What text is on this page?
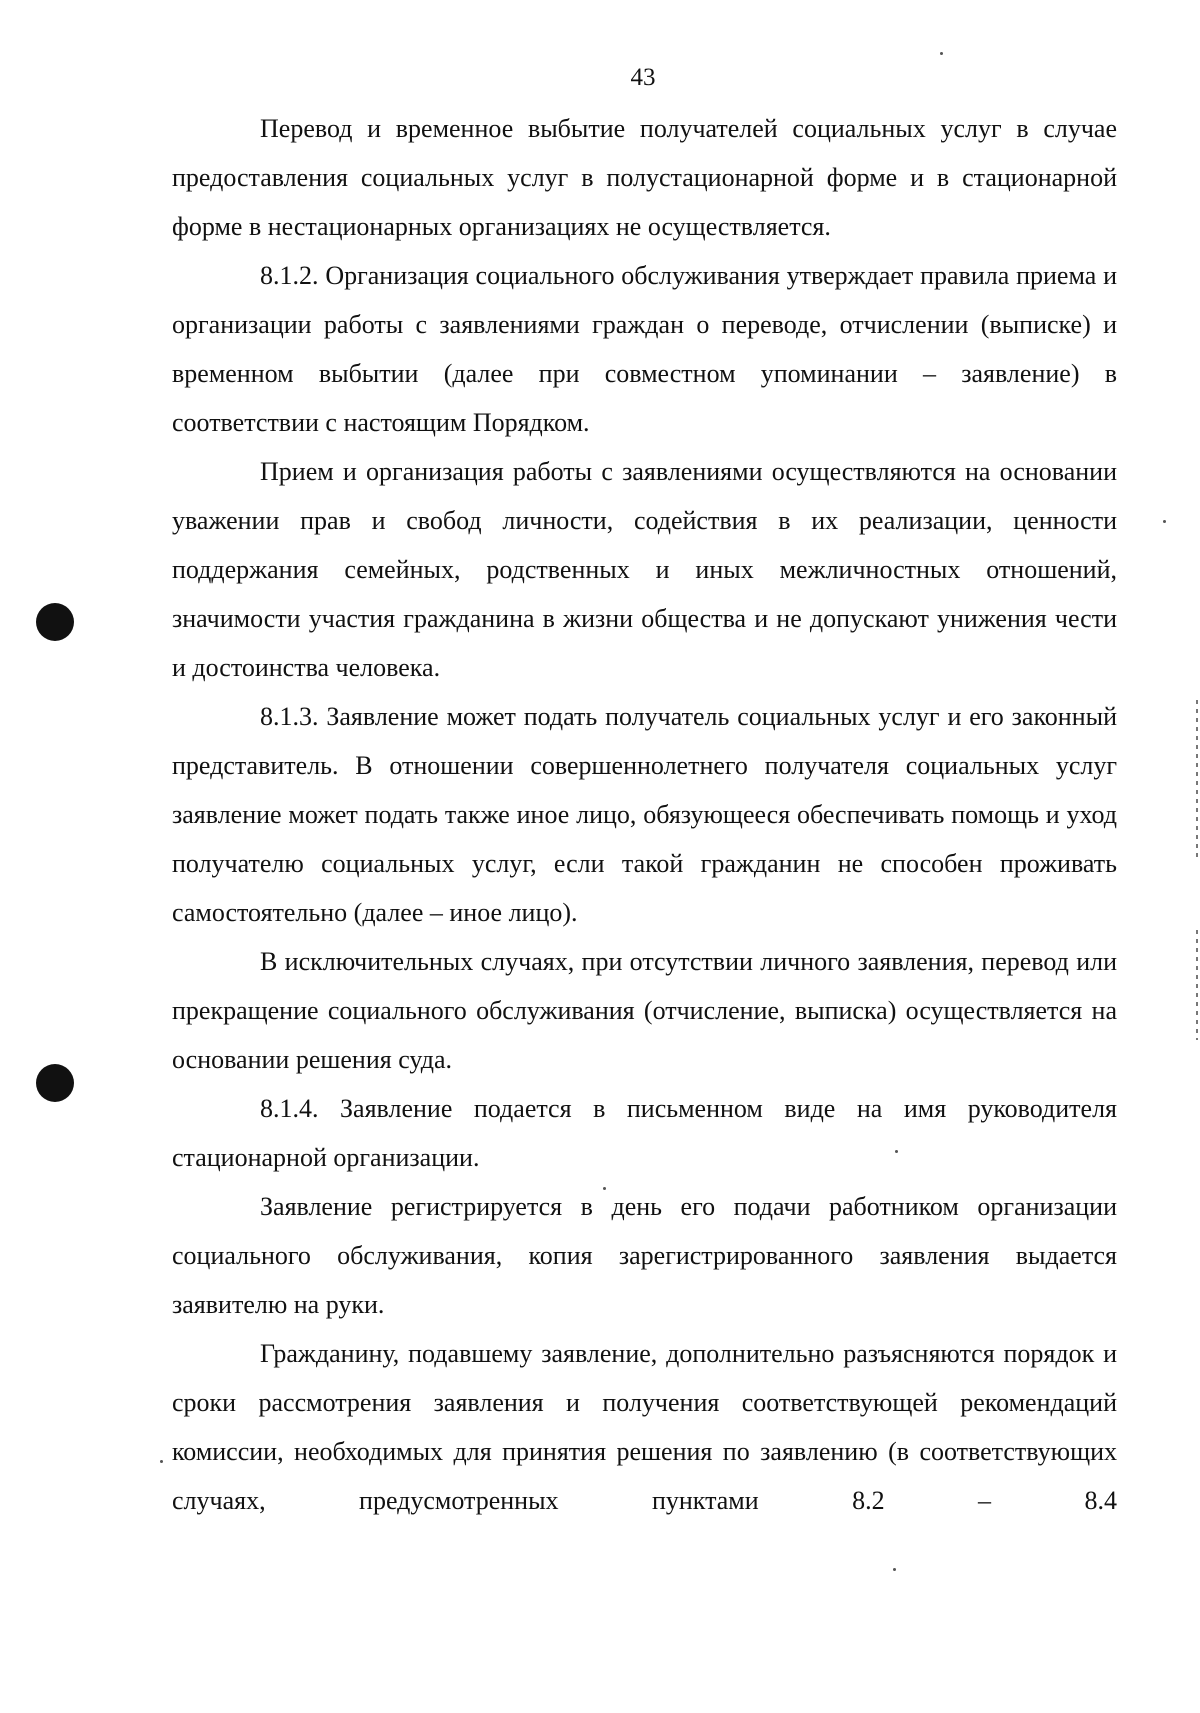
43

Перевод и временное выбытие получателей социальных услуг в случае предоставления социальных услуг в полустационарной форме и в стационарной форме в нестационарных организациях не осуществляется.

8.1.2. Организация социального обслуживания утверждает правила приема и организации работы с заявлениями граждан о переводе, отчислении (выписке) и временном выбытии (далее при совместном упоминании – заявление) в соответствии с настоящим Порядком.

Прием и организация работы с заявлениями осуществляются на основании уважении прав и свобод личности, содействия в их реализации, ценности поддержания семейных, родственных и иных межличностных отношений, значимости участия гражданина в жизни общества и не допускают унижения чести и достоинства человека.

8.1.3. Заявление может подать получатель социальных услуг и его законный представитель. В отношении совершеннолетнего получателя социальных услуг заявление может подать также иное лицо, обязующееся обеспечивать помощь и уход получателю социальных услуг, если такой гражданин не способен проживать самостоятельно (далее – иное лицо).

В исключительных случаях, при отсутствии личного заявления, перевод или прекращение социального обслуживания (отчисление, выписка) осуществляется на основании решения суда.

8.1.4. Заявление подается в письменном виде на имя руководителя стационарной организации.

Заявление регистрируется в день его подачи работником организации социального обслуживания, копия зарегистрированного заявления выдается заявителю на руки.

Гражданину, подавшему заявление, дополнительно разъясняются порядок и сроки рассмотрения заявления и получения соответствующей рекомендаций комиссии, необходимых для принятия решения по заявлению (в соответствующих случаях, предусмотренных пунктами 8.2 – 8.4
